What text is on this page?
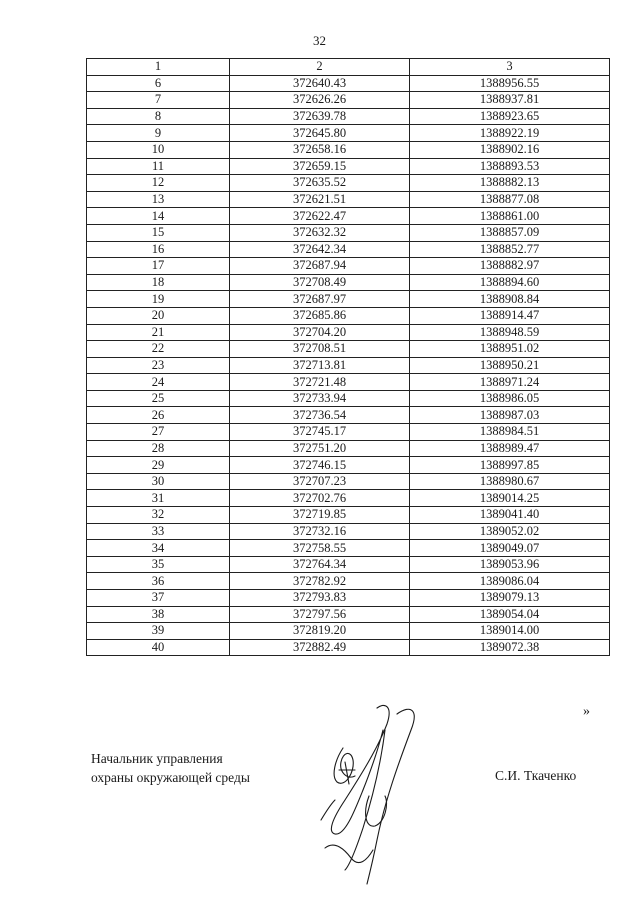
32
1	2	3
6	372640.43	1388956.55
7	372626.26	1388937.81
8	372639.78	1388923.65
9	372645.80	1388922.19
10	372658.16	1388902.16
11	372659.15	1388893.53
12	372635.52	1388882.13
13	372621.51	1388877.08
14	372622.47	1388861.00
15	372632.32	1388857.09
16	372642.34	1388852.77
17	372687.94	1388882.97
18	372708.49	1388894.60
19	372687.97	1388908.84
20	372685.86	1388914.47
21	372704.20	1388948.59
22	372708.51	1388951.02
23	372713.81	1388950.21
24	372721.48	1388971.24
25	372733.94	1388986.05
26	372736.54	1388987.03
27	372745.17	1388984.51
28	372751.20	1388989.47
29	372746.15	1388997.85
30	372707.23	1388980.67
31	372702.76	1389014.25
32	372719.85	1389041.40
33	372732.16	1389052.02
34	372758.55	1389049.07
35	372764.34	1389053.96
36	372782.92	1389086.04
37	372793.83	1389079.13
38	372797.56	1389054.04
39	372819.20	1389014.00
40	372882.49	1389072.38
»
Начальник управления
охраны окружающей среды	С.И. Ткаченко
